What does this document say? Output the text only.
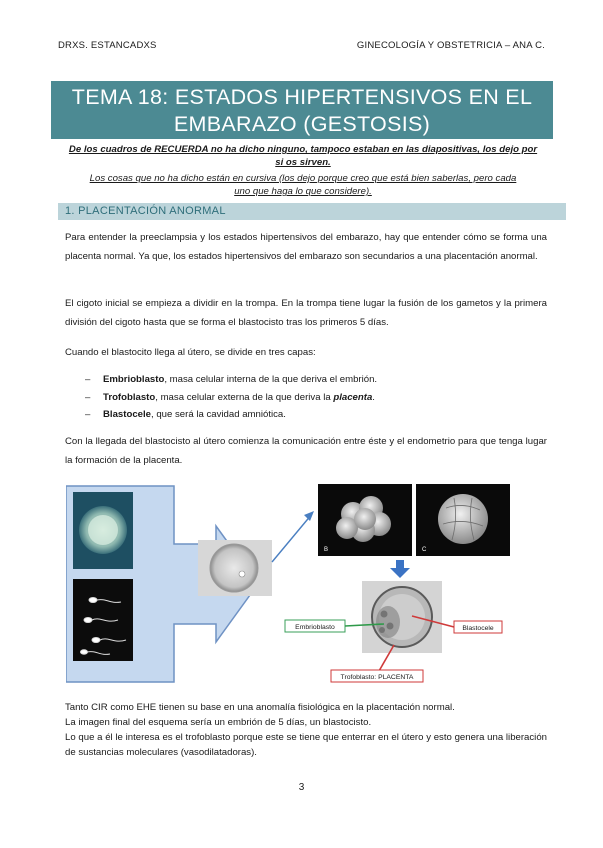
DRXS. ESTANCADXS	GINECOLOGÍA Y OBSTETRICIA – ANA C.
TEMA 18: ESTADOS HIPERTENSIVOS EN EL
EMBARAZO (GESTOSIS)
De los cuadros de RECUERDA no ha dicho ninguno, tampoco estaban en las diapositivas, los dejo por
si os sirven.
Los cosas que no ha dicho están en cursiva (los dejo porque creo que está bien saberlas, pero cada
uno que haga lo que considere).
1. PLACENTACIÓN ANORMAL
Para entender la preeclampsia y los estados hipertensivos del embarazo, hay que entender cómo se forma una placenta normal. Ya que, los estados hipertensivos del embarazo son secundarios a una placentación anormal.
El cigoto inicial se empieza a dividir en la trompa. En la trompa tiene lugar la fusión de los gametos y la primera división del cigoto hasta que se forma el blastocisto tras los primeros 5 días.
Cuando el blastocito llega al útero, se divide en tres capas:
– Embrioblasto, masa celular interna de la que deriva el embrión.
– Trofoblasto, masa celular externa de la que deriva la placenta.
– Blastocele, que será la cavidad amniótica.
Con la llegada del blastocisto al útero comienza la comunicación entre éste y el endometrio para que tenga lugar la formación de la placenta.
B	C
Embrioblasto	Blastocele
Trofoblasto: PLACENTA
Tanto CIR como EHE tienen su base en una anomalía fisiológica en la placentación normal.
La imagen final del esquema sería un embrión de 5 días, un blastocisto.
Lo que a él le interesa es el trofoblasto porque este se tiene que enterrar en el útero y esto genera una liberación de sustancias moleculares (vasodilatadoras).
3
